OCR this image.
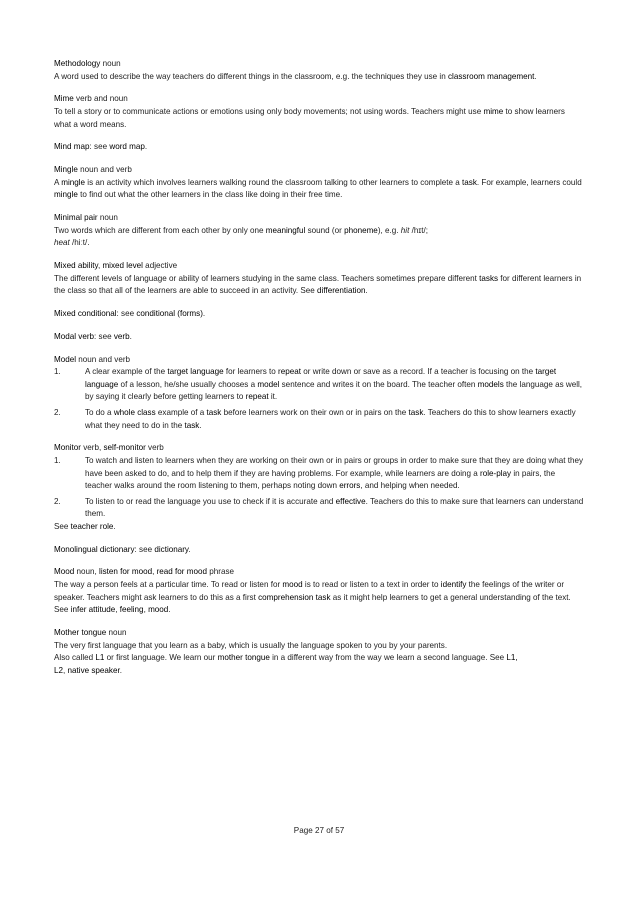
Methodology noun
A word used to describe the way teachers do different things in the classroom, e.g. the techniques they use in classroom management.
Mime verb and noun
To tell a story or to communicate actions or emotions using only body movements; not using words. Teachers might use mime to show learners what a word means.
Mind map: see word map.
Mingle noun and verb
A mingle is an activity which involves learners walking round the classroom talking to other learners to complete a task. For example, learners could mingle to find out what the other learners in the class like doing in their free time.
Minimal pair noun
Two words which are different from each other by only one meaningful sound (or phoneme), e.g. hit /hɪt/;
heat /hiːt/.
Mixed ability, mixed level adjective
The different levels of language or ability of learners studying in the same class. Teachers sometimes prepare different tasks for different learners in the class so that all of the learners are able to succeed in an activity. See differentiation.
Mixed conditional: see conditional (forms).
Modal verb: see verb.
Model noun and verb
1.	A clear example of the target language for learners to repeat or write down or save as a record. If a teacher is focusing on the target language of a lesson, he/she usually chooses a model sentence and writes it on the board. The teacher often models the language as well, by saying it clearly before getting learners to repeat it.
2.	To do a whole class example of a task before learners work on their own or in pairs on the task. Teachers do this to show learners exactly what they need to do in the task.
Monitor verb, self-monitor verb
1.	To watch and listen to learners when they are working on their own or in pairs or groups in order to make sure that they are doing what they have been asked to do, and to help them if they are having problems. For example, while learners are doing a role-play in pairs, the teacher walks around the room listening to them, perhaps noting down errors, and helping when needed.
2.	To listen to or read the language you use to check if it is accurate and effective. Teachers do this to make sure that learners can understand them.
See teacher role.
Monolingual dictionary: see dictionary.
Mood noun, listen for mood, read for mood phrase
The way a person feels at a particular time. To read or listen for mood is to read or listen to a text in order to identify the feelings of the writer or speaker. Teachers might ask learners to do this as a first comprehension task as it might help learners to get a general understanding of the text. See infer attitude, feeling, mood.
Mother tongue noun
The very first language that you learn as a baby, which is usually the language spoken to you by your parents.
Also called L1 or first language. We learn our mother tongue in a different way from the way we learn a second language. See L1,
L2, native speaker.
Page 27 of 57
